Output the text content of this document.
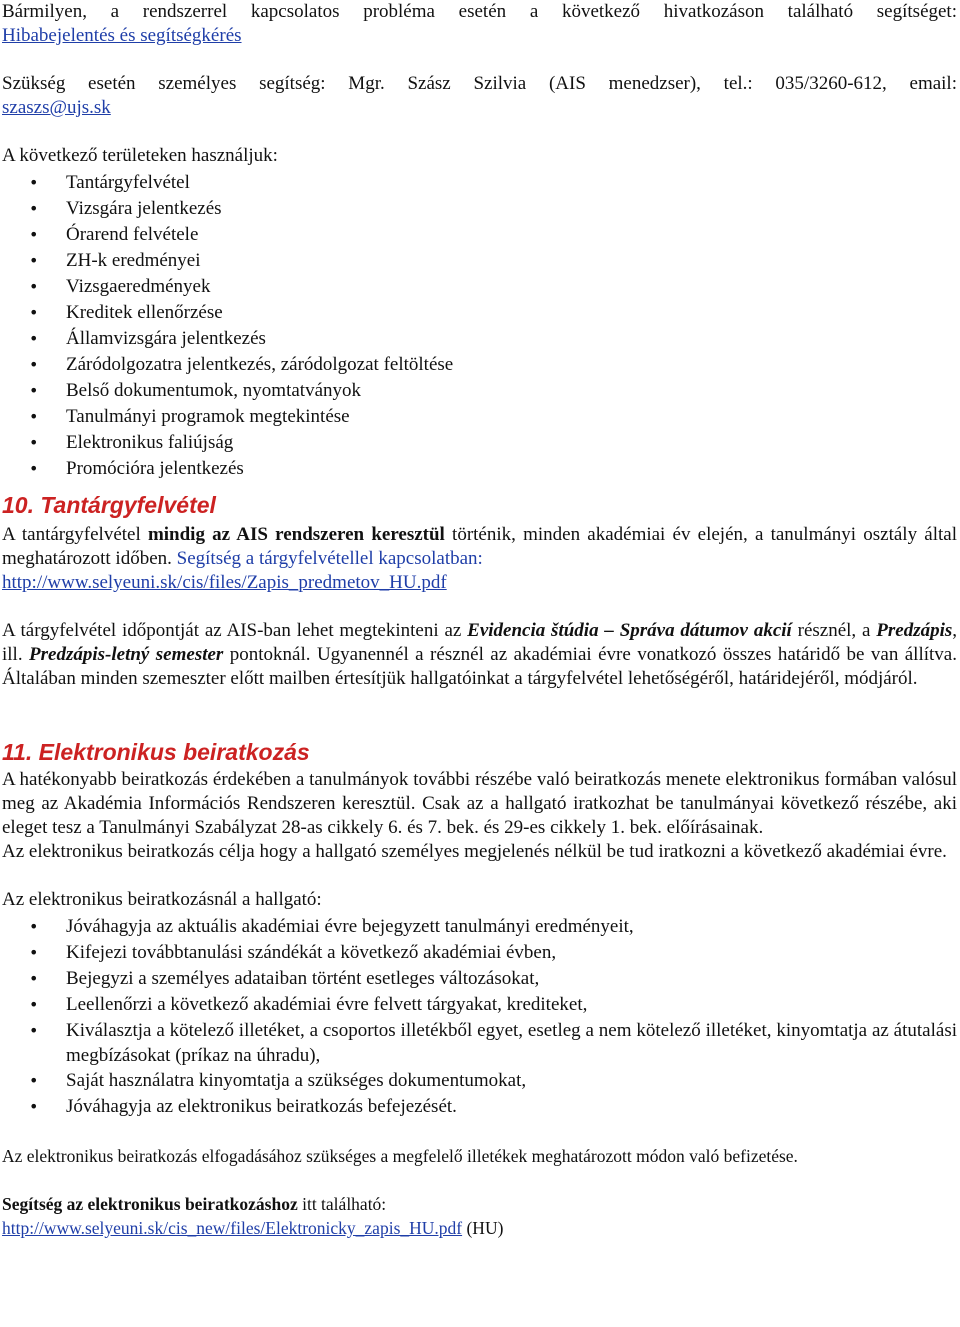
Bármilyen, a rendszerrel kapcsolatos probléma esetén a következő hivatkozáson található segítséget:

Hibabejelentés és segítségkérés

Szükség esetén személyes segítség: Mgr. Szász Szilvia (AIS menedzser), tel.: 035/3260-612, email:

szaszs@ujs.sk

A következő területeken használjuk:

• Tantárgyfelvétel
• Vizsgára jelentkezés
• Órarend felvétele
• ZH-k eredményei
• Vizsgaeredmények
• Kreditek ellenőrzése
• Államvizsgára jelentkezés
• Záródolgozatra jelentkezés, záródolgozat feltöltése
• Belső dokumentumok, nyomtatványok
• Tanulmányi programok megtekintése
• Elektronikus faliújság
• Promócióra jelentkezés
10. Tantárgyfelvétel

A tantárgyfelvétel mindig az AIS rendszeren keresztül történik, minden akadémiai év elején, a tanulmányi osztály által meghatározott időben. Segítség a tárgyfelvétellel kapcsolatban:

http://www.selyeuni.sk/cis/files/Zapis_predmetov_HU.pdf

A tárgyfelvétel időpontját az AIS-ban lehet megtekinteni az Evidencia štúdia – Správa dátumov akcií résznél, a Predzápis, ill. Predzápis-letný semester pontoknál. Ugyanennél a résznél az akadémiai évre vonatkozó összes határidő be van állítva. Általában minden szemeszter előtt mailben értesítjük hallgatóinkat a tárgyfelvétel lehetőségéről, határidejéről, módjáról.

11. Elektronikus beiratkozás

A hatékonyabb beiratkozás érdekében a tanulmányok további részébe való beiratkozás menete elektronikus formában valósul meg az Akadémia Információs Rendszeren keresztül. Csak az a hallgató iratkozhat be tanulmányai következő részébe, aki eleget tesz a Tanulmányi Szabályzat 28-as cikkely 6. és 7. bek. és 29-es cikkely 1. bek. előírásainak.

Az elektronikus beiratkozás célja hogy a hallgató személyes megjelenés nélkül be tud iratkozni a következő akadémiai évre.

Az elektronikus beiratkozásnál a hallgató:

• Jóváhagyja az aktuális akadémiai évre bejegyzett tanulmányi eredményeit,
• Kifejezi továbbtanulási szándékát a következő akadémiai évben,
• Bejegyzi a személyes adataiban történt esetleges változásokat,
• Leellenőrzi a következő akadémiai évre felvett tárgyakat, krediteket,
• Kiválasztja a kötelező illetéket, a csoportos illetékből egyet, esetleg a nem kötelező illetéket, kinyomtatja az átutalási megbízásokat (príkaz na úhradu),
• Saját használatra kinyomtatja a szükséges dokumentumokat,
• Jóváhagyja az elektronikus beiratkozás befejezését.

Az elektronikus beiratkozás elfogadásához szükséges a megfelelő illetékek meghatározott módon való befizetése.

Segítség az elektronikus beiratkozáshoz itt található:

http://www.selyeuni.sk/cis_new/files/Elektronicky_zapis_HU.pdf (HU)
